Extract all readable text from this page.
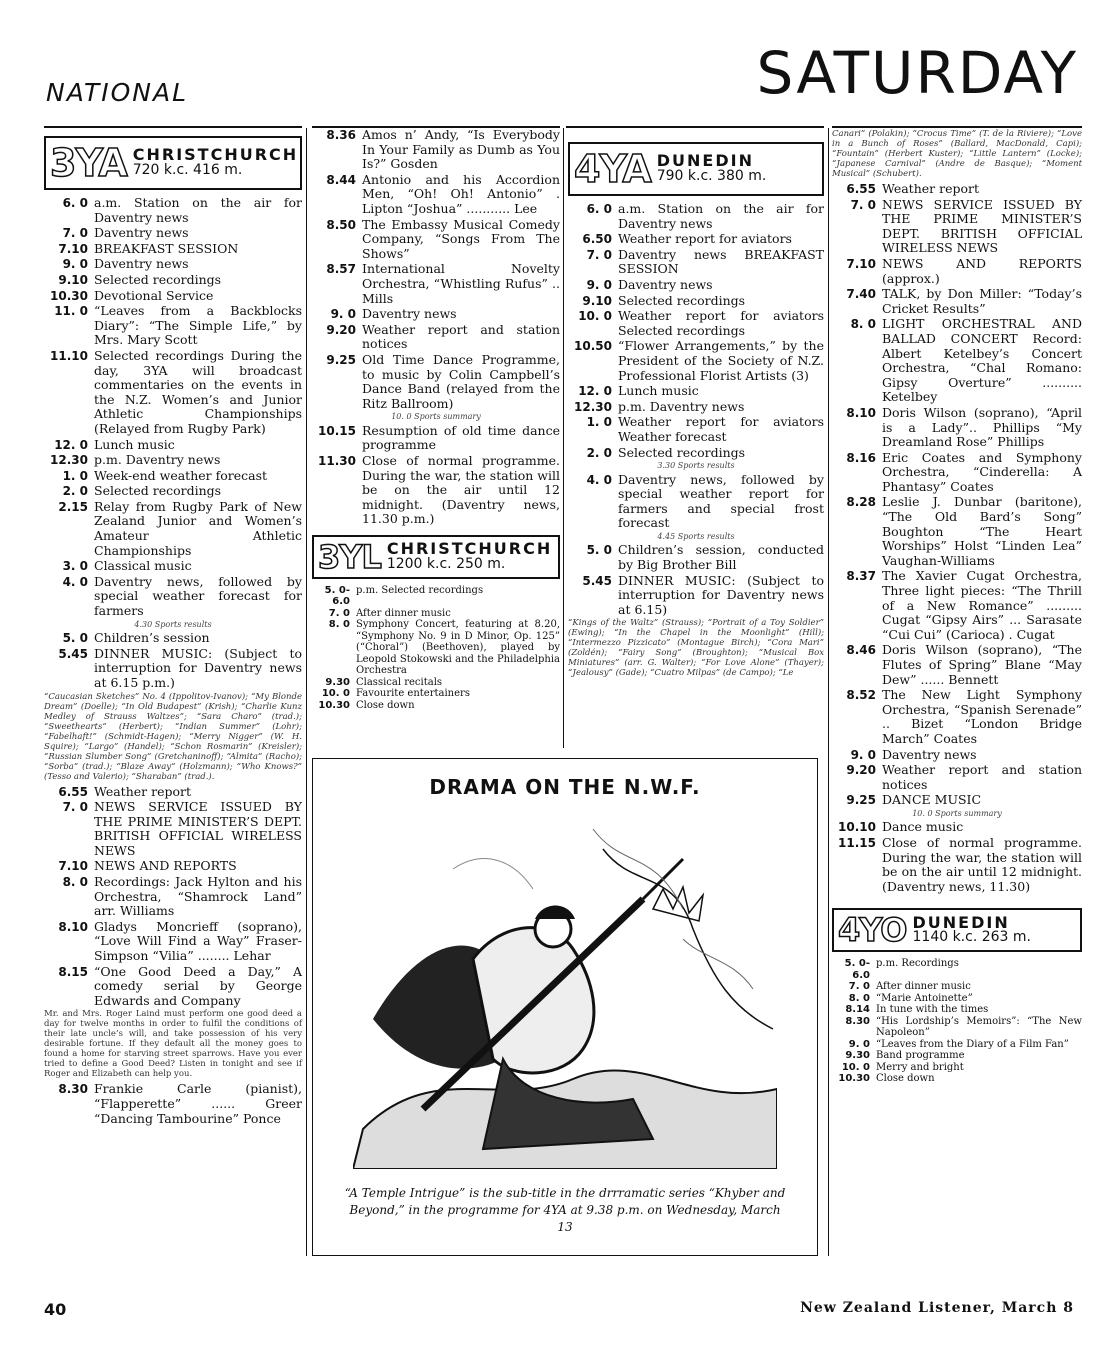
NATIONAL	SATURDAY
3YA CHRISTCHURCH
720 k.c. 416 m.
6. 0 a.m. Station on the air for Daventry news
7. 0 Daventry news
7.10 BREAKFAST SESSION
9. 0 Daventry news
9.10 Selected recordings
10.30 Devotional Service
11. 0 “Leaves from a Backblocks Diary”: “The Simple Life,” by Mrs. Mary Scott
11.10 Selected recordings During the day, 3YA will broadcast commentaries on the events in the N.Z. Women’s and Junior Athletic Championships (Relayed from Rugby Park)
12. 0 Lunch music
12.30 p.m. Daventry news
1. 0 Week-end weather forecast
2. 0 Selected recordings
2.15 Relay from Rugby Park of New Zealand Junior and Women’s Amateur Athletic Championships
3. 0 Classical music
4. 0 Daventry news, followed by special weather forecast for farmers
4.30 Sports results
5. 0 Children’s session
5.45 DINNER MUSIC: (Subject to interruption for Daventry news at 6.15 p.m.)
“Caucasian Sketches” No. 4 (Ippolitov-Ivanov); “My Blonde Dream” (Doelle); “In Old Budapest” (Krish); “Charlie Kunz Medley of Strauss Waltzes”; “Sara Charo” (trad.); “Sweethearts” (Herbert); “Indian Summer” (Lohr); “Fabelhaft!” (Schmidt-Hagen); “Merry Nigger” (W. H. Squire); “Largo” (Handel); “Schon Rosmarin” (Kreisler); “Russian Slumber Song” (Gretchaninoff); “Almita” (Racho); “Sorba” (trad.); “Blaze Away” (Holzmann); “Who Knows?” (Tesso and Valerio); “Sharaban” (trad.).
6.55 Weather report
7. 0 NEWS SERVICE ISSUED BY THE PRIME MINISTER’S DEPT. BRITISH OFFICIAL WIRELESS NEWS
7.10 NEWS AND REPORTS
8. 0 Recordings: Jack Hylton and his Orchestra, “Shamrock Land” arr. Williams
8.10 Gladys Moncrieff (soprano), “Love Will Find a Way” Fraser-Simpson “Vilia” ........ Lehar
8.15 “One Good Deed a Day,” A comedy serial by George Edwards and Company
Mr. and Mrs. Roger Laind must perform one good deed a day for twelve months in order to fulfil the conditions of their late uncle’s will, and take possession of his very desirable fortune. If they default all the money goes to found a home for starving street sparrows. Have you ever tried to define a Good Deed? Listen in tonight and see if Roger and Elizabeth can help you.
8.30 Frankie Carle (pianist), “Flapperette” ...... Greer “Dancing Tambourine” Ponce
8.36 Amos n’ Andy, “Is Everybody In Your Family as Dumb as You Is?” Gosden
8.44 Antonio and his Accordion Men, “Oh! Oh! Antonio” . Lipton “Joshua” ........... Lee
8.50 The Embassy Musical Comedy Company, “Songs From The Shows”
8.57 International Novelty Orchestra, “Whistling Rufus” .. Mills
9. 0 Daventry news
9.20 Weather report and station notices
9.25 Old Time Dance Programme, to music by Colin Campbell’s Dance Band (relayed from the Ritz Ballroom)
10. 0 Sports summary
10.15 Resumption of old time dance programme
11.30 Close of normal programme. During the war, the station will be on the air until 12 midnight. (Daventry news, 11.30 p.m.)
3YL CHRISTCHURCH
1200 k.c. 250 m.
5. 0-6.0
p.m. Selected recordings
7. 0 After dinner music
8. 0 Symphony Concert, featuring at 8.20, “Symphony No. 9 in D Minor, Op. 125” (“Choral”) (Beethoven), played by Leopold Stokowski and the Philadelphia Orchestra
9.30 Classical recitals
10. 0 Favourite entertainers
10.30 Close down
4YA DUNEDIN
790 k.c. 380 m.
6. 0 a.m. Station on the air for Daventry news
6.50 Weather report for aviators
7. 0 Daventry news BREAKFAST SESSION
9. 0 Daventry news
9.10 Selected recordings
10. 0 Weather report for aviators Selected recordings
10.50 “Flower Arrangements,” by the President of the Society of N.Z. Professional Florist Artists (3)
12. 0 Lunch music
12.30 p.m. Daventry news
1. 0 Weather report for aviators Weather forecast
2. 0 Selected recordings
3.30 Sports results
4. 0 Daventry news, followed by special weather report for farmers and special frost forecast
4.45 Sports results
5. 0 Children’s session, conducted by Big Brother Bill
5.45 DINNER MUSIC: (Subject to interruption for Daventry news at 6.15)
“Kings of the Waltz” (Strauss); “Portrait of a Toy Soldier” (Ewing); “In the Chapel in the Moonlight” (Hill); “Intermezzo Pizzicato” (Montague Birch); “Cora Mari” (Zoldén); “Fairy Song” (Broughton); “Musical Box Miniatures” (arr. G. Walter); “For Love Alone” (Thayer); “Jealousy” (Gade); “Cuatro Milpas” (de Campo); “Le
Canari” (Polakin); “Crocus Time” (T. de la Riviere); “Love in a Bunch of Roses” (Ballard, MacDonald, Capi); “Fountain” (Herbert Kuster); “Little Lantern” (Locke); “Japanese Carnival” (Andre de Basque); “Moment Musical” (Schubert).
6.55 Weather report
7. 0 NEWS SERVICE ISSUED BY THE PRIME MINISTER’S DEPT. BRITISH OFFICIAL WIRELESS NEWS
7.10 NEWS AND REPORTS (approx.)
7.40 TALK, by Don Miller: “Today’s Cricket Results”
8. 0 LIGHT ORCHESTRAL AND BALLAD CONCERT Record: Albert Ketelbey’s Concert Orchestra, “Chal Romano: Gipsy Overture” .......... Ketelbey
8.10 Doris Wilson (soprano), “April is a Lady”.. Phillips “My Dreamland Rose” Phillips
8.16 Eric Coates and Symphony Orchestra, “Cinderella: A Phantasy” Coates
8.28 Leslie J. Dunbar (baritone), “The Old Bard’s Song” Boughton “The Heart Worships” Holst “Linden Lea” Vaughan-Williams
8.37 The Xavier Cugat Orchestra, Three light pieces: “The Thrill of a New Romance” ......... Cugat “Gipsy Airs” ... Sarasate “Cui Cui” (Carioca) . Cugat
8.46 Doris Wilson (soprano), “The Flutes of Spring” Blane “May Dew” ...... Bennett
8.52 The New Light Symphony Orchestra, “Spanish Serenade” .. Bizet “London Bridge March” Coates
9. 0 Daventry news
9.20 Weather report and station notices
9.25 DANCE MUSIC
10. 0 Sports summary
10.10 Dance music
11.15 Close of normal programme. During the war, the station will be on the air until 12 midnight. (Daventry news, 11.30)
4YO DUNEDIN
1140 k.c. 263 m.
5. 0-6.0
p.m. Recordings
7. 0 After dinner music
8. 0 “Marie Antoinette”
8.14 In tune with the times
8.30 “His Lordship’s Memoirs”: “The New Napoleon”
9. 0 “Leaves from the Diary of a Film Fan”
9.30 Band programme
10. 0 Merry and bright
10.30 Close down
DRAMA ON THE N.W.F.
“A Temple Intrigue” is the sub-title in the drrramatic series “Khyber and Beyond,” in the programme for 4YA at 9.38 p.m. on Wednesday, March 13
40	New Zealand Listener, March 8
